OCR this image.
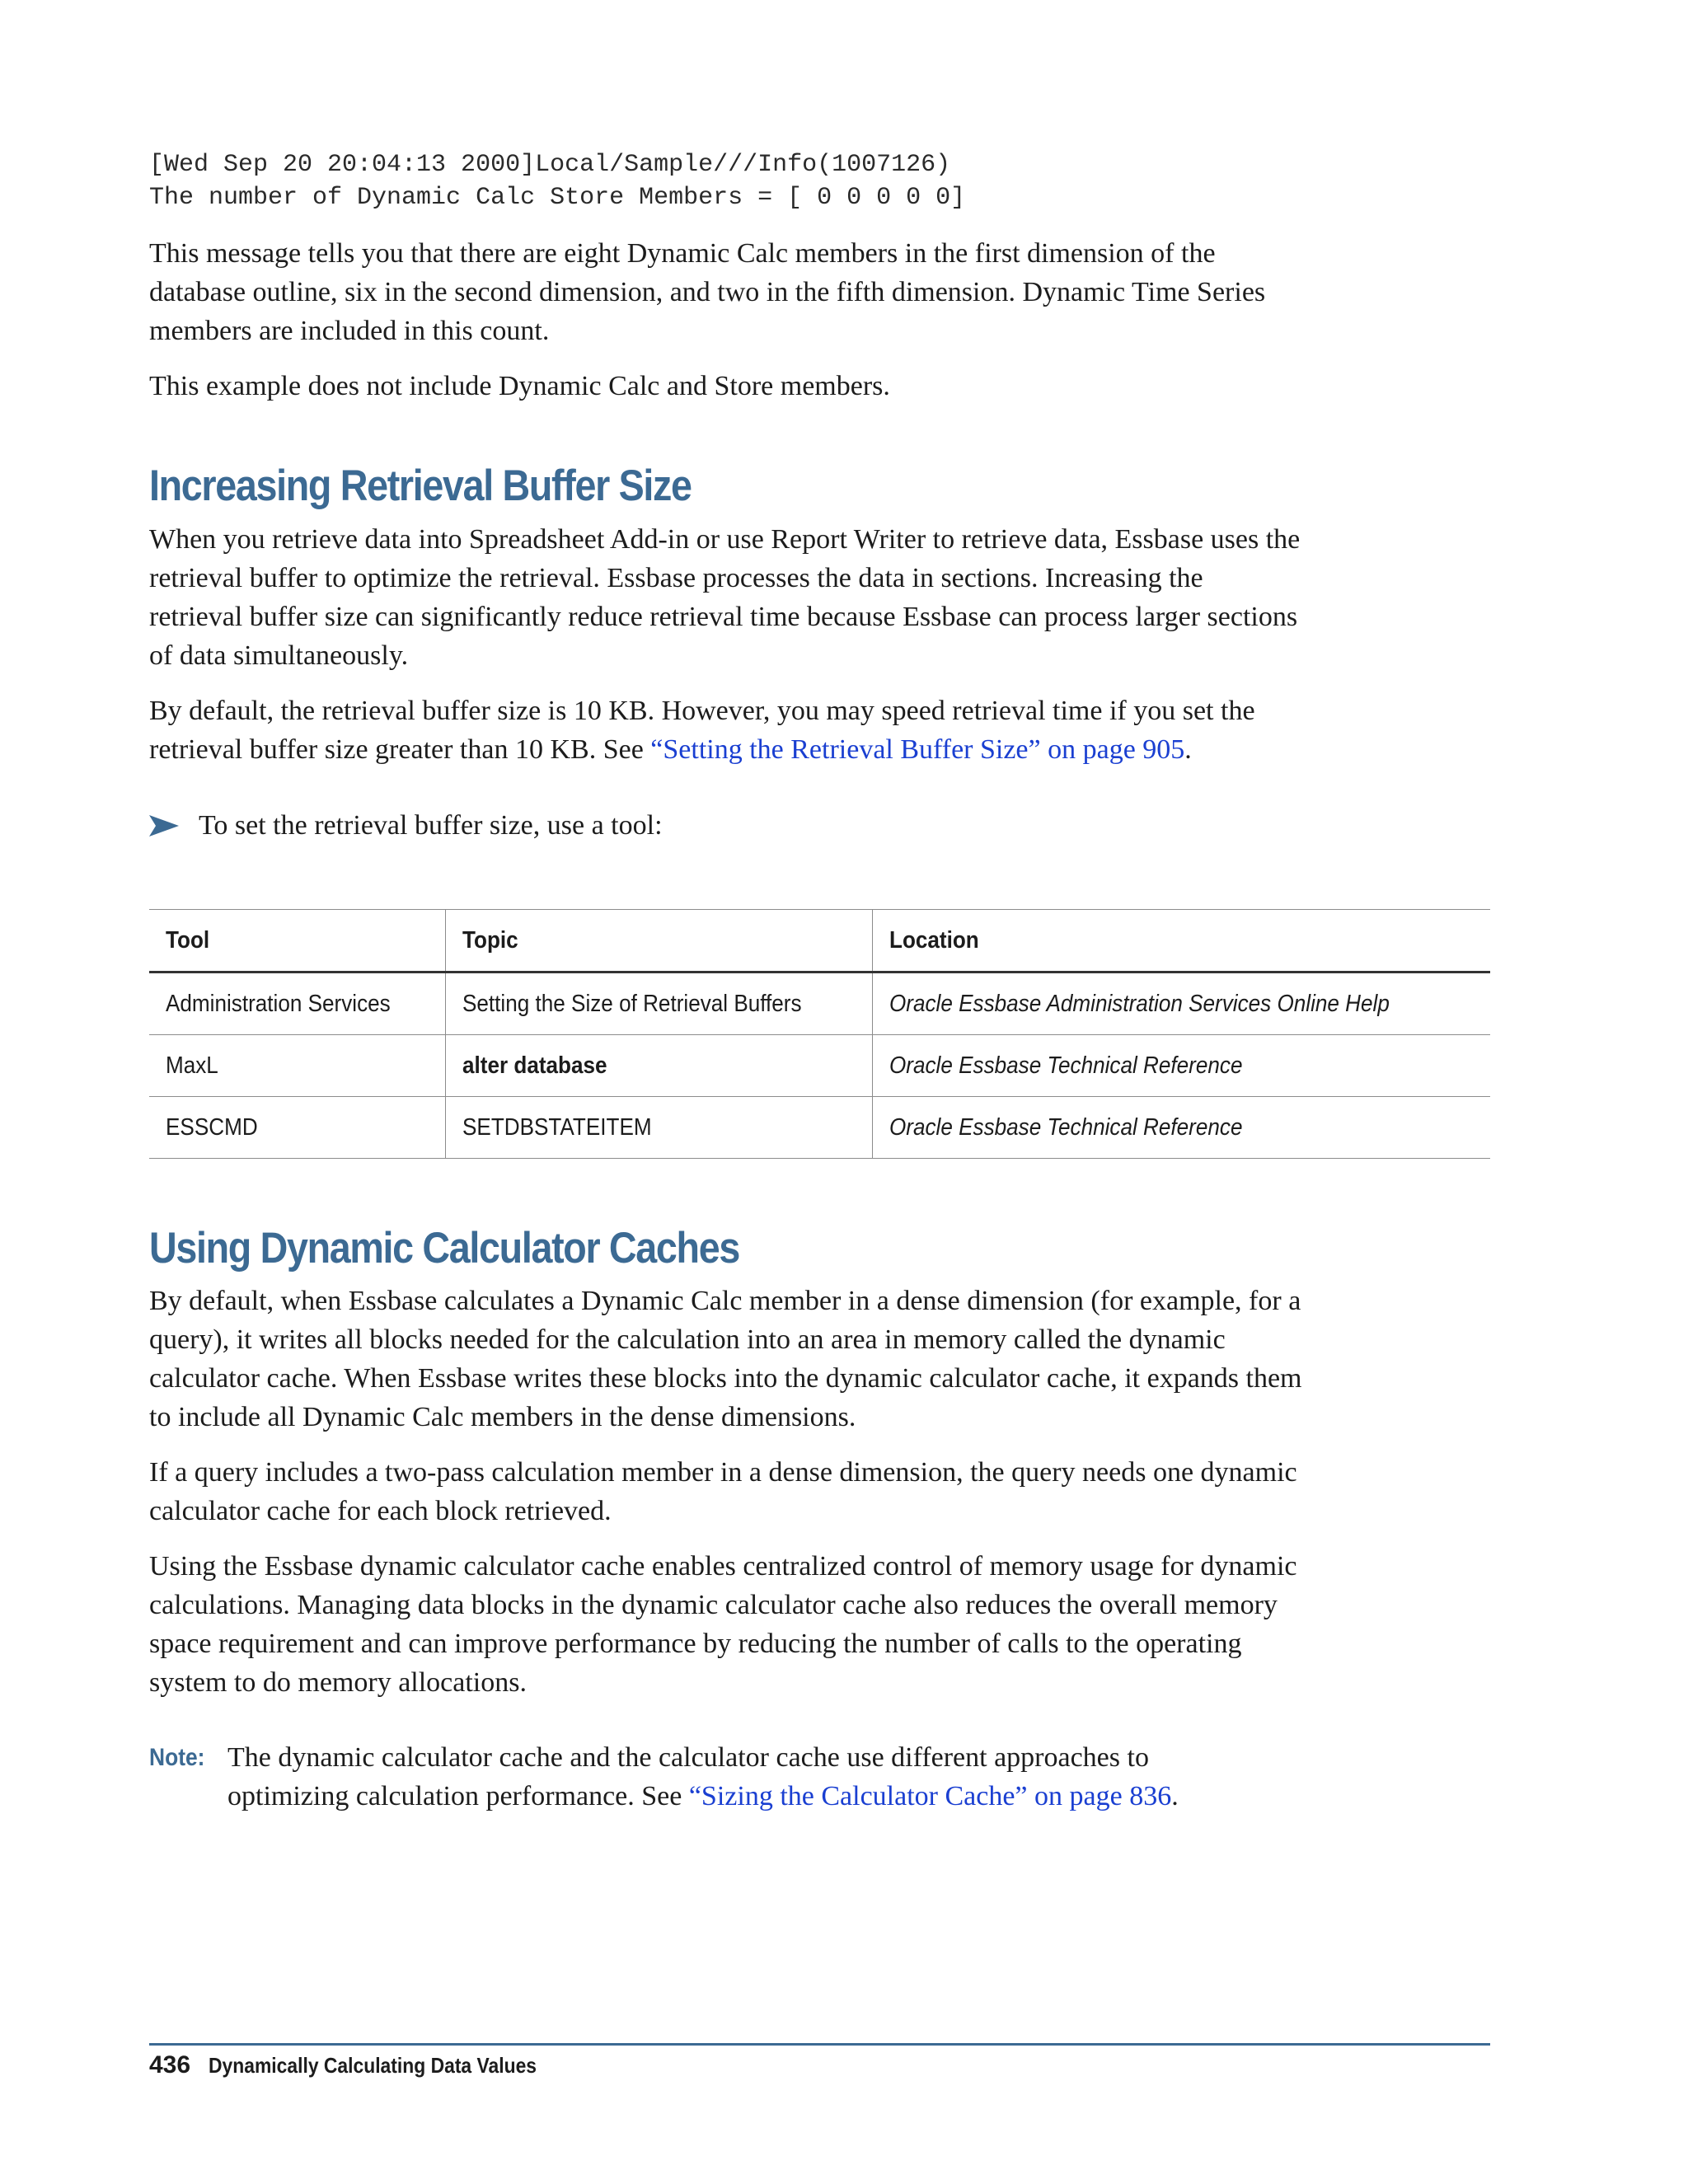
[Wed Sep 20 20:04:13 2000]Local/Sample///Info(1007126)

The number of Dynamic Calc Store Members = [ 0 0 0 0 0]

This message tells you that there are eight Dynamic Calc members in the first dimension of the database outline, six in the second dimension, and two in the fifth dimension. Dynamic Time Series members are included in this count.

This example does not include Dynamic Calc and Store members.

Increasing Retrieval Buffer Size

When you retrieve data into Spreadsheet Add-in or use Report Writer to retrieve data, Essbase uses the retrieval buffer to optimize the retrieval. Essbase processes the data in sections. Increasing the retrieval buffer size can significantly reduce retrieval time because Essbase can process larger sections of data simultaneously.

By default, the retrieval buffer size is 10 KB. However, you may speed retrieval time if you set the retrieval buffer size greater than 10 KB. See “Setting the Retrieval Buffer Size” on page 905.

To set the retrieval buffer size, use a tool:
Tool	Topic	Location
Administration Services	Setting the Size of Retrieval Buffers	Oracle Essbase Administration Services Online Help
MaxL	alter database	Oracle Essbase Technical Reference
ESSCMD	SETDBSTATEITEM	Oracle Essbase Technical Reference
Using Dynamic Calculator Caches

By default, when Essbase calculates a Dynamic Calc member in a dense dimension (for example, for a query), it writes all blocks needed for the calculation into an area in memory called the dynamic calculator cache. When Essbase writes these blocks into the dynamic calculator cache, it expands them to include all Dynamic Calc members in the dense dimensions.

If a query includes a two-pass calculation member in a dense dimension, the query needs one dynamic calculator cache for each block retrieved.

Using the Essbase dynamic calculator cache enables centralized control of memory usage for dynamic calculations. Managing data blocks in the dynamic calculator cache also reduces the overall memory space requirement and can improve performance by reducing the number of calls to the operating system to do memory allocations.

Note: The dynamic calculator cache and the calculator cache use different approaches to optimizing calculation performance. See “Sizing the Calculator Cache” on page 836.

436 Dynamically Calculating Data Values
